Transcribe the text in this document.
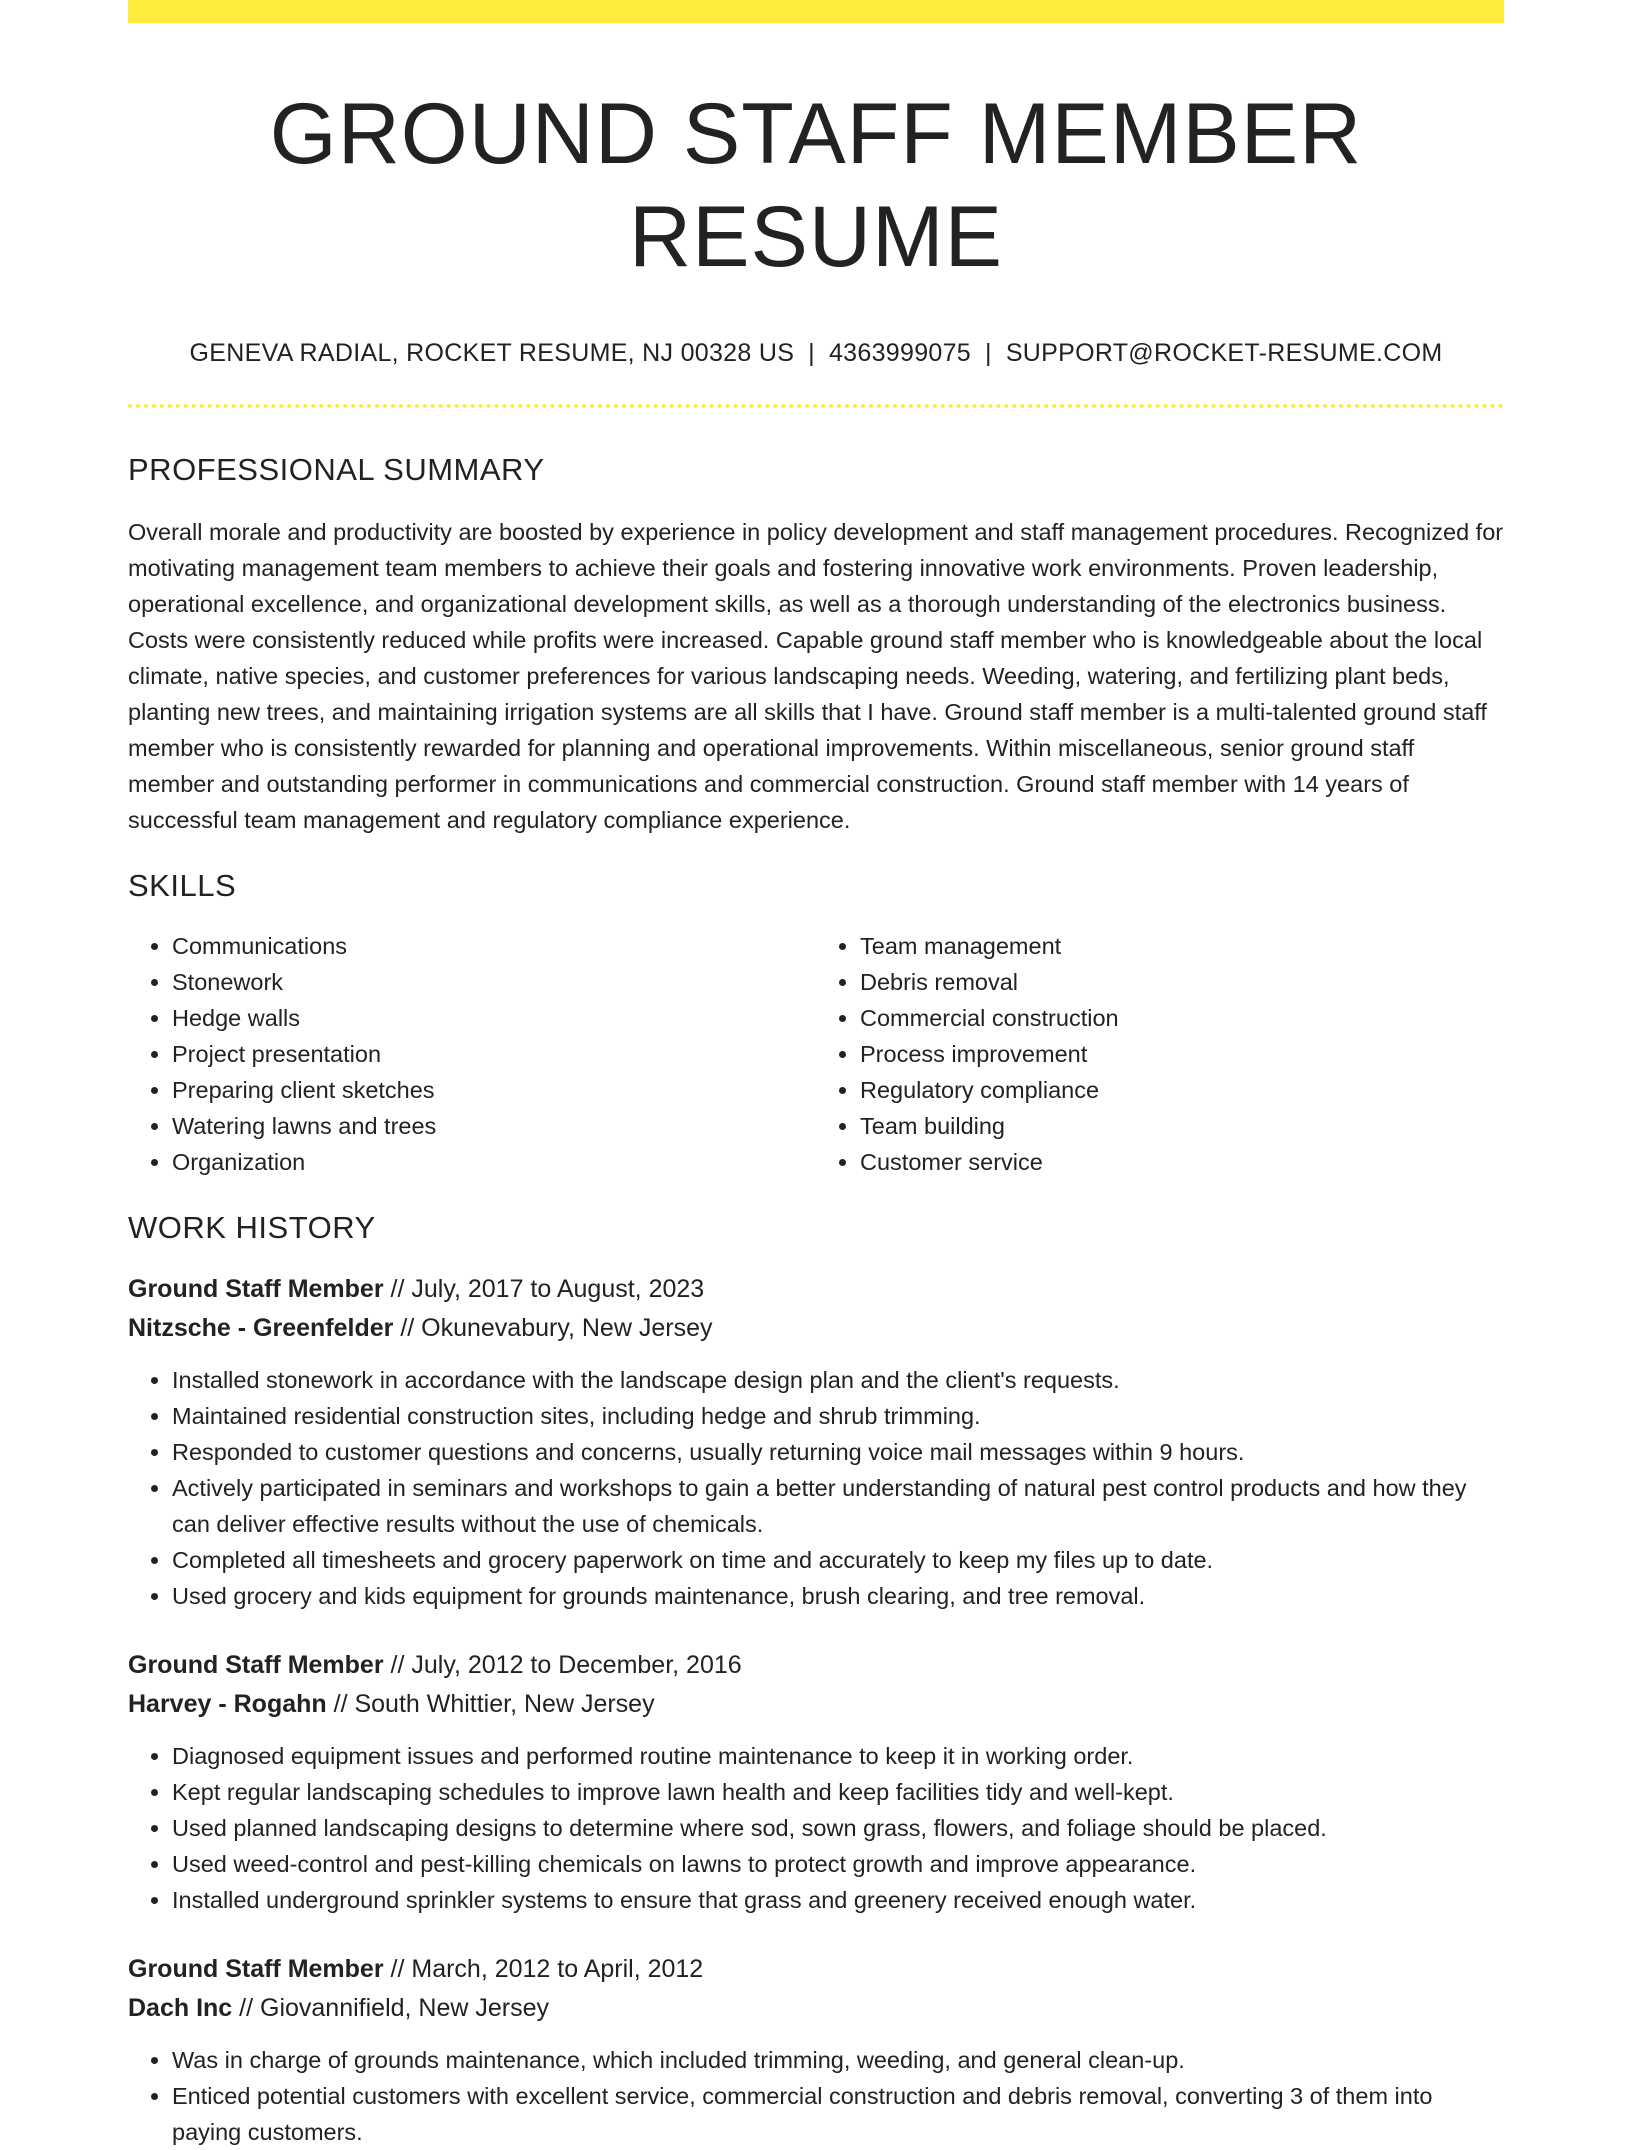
GROUND STAFF MEMBER RESUME
GENEVA RADIAL, ROCKET RESUME, NJ 00328 US | 4363999075 | SUPPORT@ROCKET-RESUME.COM
PROFESSIONAL SUMMARY

Overall morale and productivity are boosted by experience in policy development and staff management procedures. Recognized for motivating management team members to achieve their goals and fostering innovative work environments. Proven leadership, operational excellence, and organizational development skills, as well as a thorough understanding of the electronics business. Costs were consistently reduced while profits were increased. Capable ground staff member who is knowledgeable about the local climate, native species, and customer preferences for various landscaping needs. Weeding, watering, and fertilizing plant beds, planting new trees, and maintaining irrigation systems are all skills that I have. Ground staff member is a multi-talented ground staff member who is consistently rewarded for planning and operational improvements. Within miscellaneous, senior ground staff member and outstanding performer in communications and commercial construction. Ground staff member with 14 years of successful team management and regulatory compliance experience.

SKILLS
• Communications
• Stonework
• Hedge walls
• Project presentation
• Preparing client sketches
• Watering lawns and trees
• Organization
• Team management
• Debris removal
• Commercial construction
• Process improvement
• Regulatory compliance
• Team building
• Customer service
WORK HISTORY
Ground Staff Member // July, 2017 to August, 2023
Nitzsche - Greenfelder // Okunevabury, New Jersey
• Installed stonework in accordance with the landscape design plan and the client's requests.
• Maintained residential construction sites, including hedge and shrub trimming.
• Responded to customer questions and concerns, usually returning voice mail messages within 9 hours.
• Actively participated in seminars and workshops to gain a better understanding of natural pest control products and how they can deliver effective results without the use of chemicals.
• Completed all timesheets and grocery paperwork on time and accurately to keep my files up to date.
• Used grocery and kids equipment for grounds maintenance, brush clearing, and tree removal.
Ground Staff Member // July, 2012 to December, 2016
Harvey - Rogahn // South Whittier, New Jersey
• Diagnosed equipment issues and performed routine maintenance to keep it in working order.
• Kept regular landscaping schedules to improve lawn health and keep facilities tidy and well-kept.
• Used planned landscaping designs to determine where sod, sown grass, flowers, and foliage should be placed.
• Used weed-control and pest-killing chemicals on lawns to protect growth and improve appearance.
• Installed underground sprinkler systems to ensure that grass and greenery received enough water.
Ground Staff Member // March, 2012 to April, 2012
Dach Inc // Giovannifield, New Jersey
• Was in charge of grounds maintenance, which included trimming, weeding, and general clean-up.
• Enticed potential customers with excellent service, commercial construction and debris removal, converting 3 of them into paying customers.
